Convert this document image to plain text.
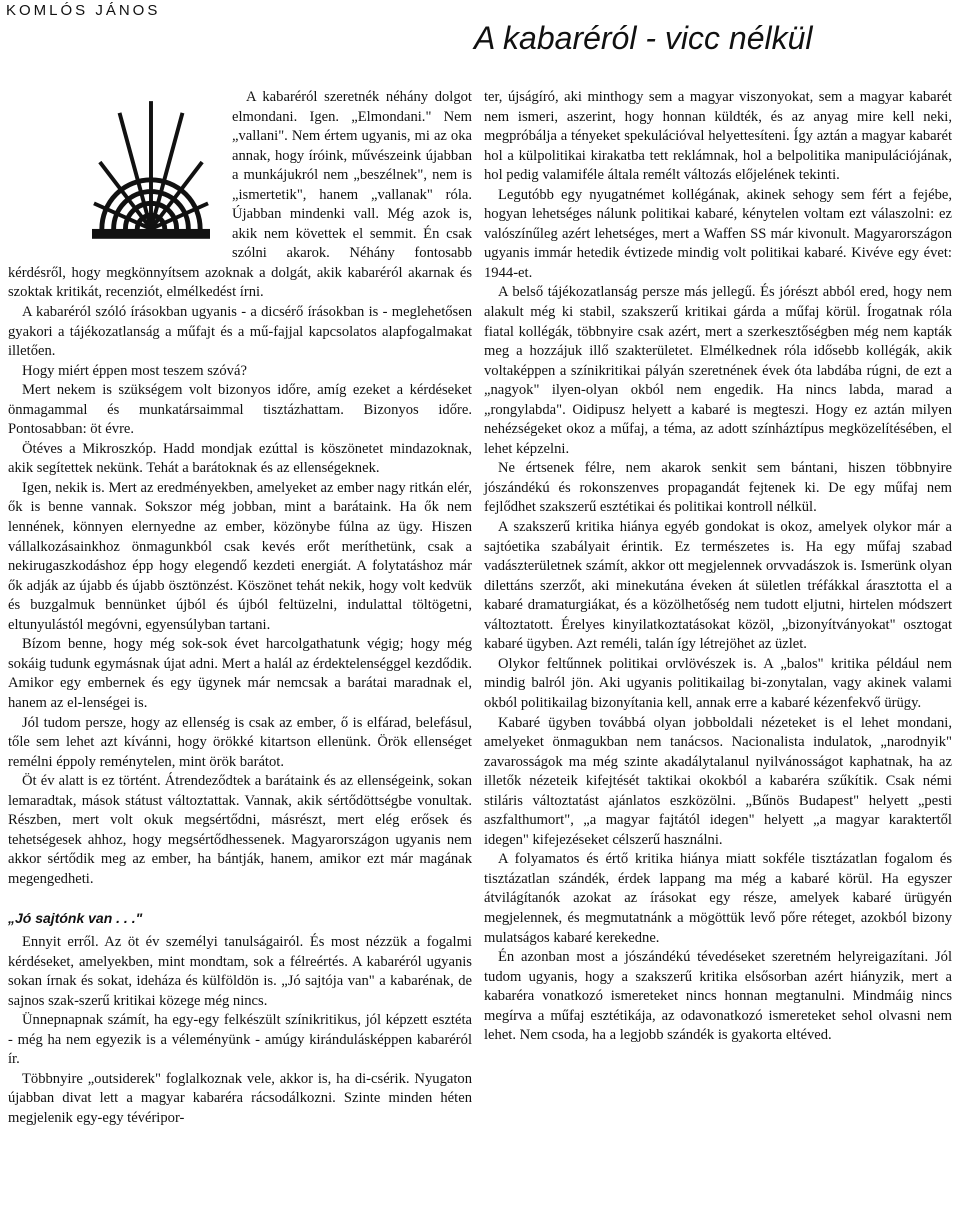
KOMLÓS JÁNOS
A kabaréról - vicc nélkül

A kabaréról szeretnék néhány dolgot elmondani. Igen. „Elmondani." Nem „vallani". Nem értem ugyanis, mi az oka annak, hogy íróink, művészeink újabban a munkájukról nem „beszélnek", nem is „ismertetik", hanem „vallanak" róla. Újabban mindenki vall. Még azok is, akik nem követtek el semmit. Én csak szólni akarok. Néhány fontosabb kérdésről, hogy megkönnyítsem azoknak a dolgát, akik kabaréról akarnak és szoktak kritikát, recenziót, elmélkedést írni.

A kabaréról szóló írásokban ugyanis - a dicsérő írásokban is - meglehetősen gyakori a tájékozatlanság a műfajt és a mű-fajjal kapcsolatos alapfogalmakat illetően.

Hogy miért éppen most teszem szóvá?

Mert nekem is szükségem volt bizonyos időre, amíg ezeket a kérdéseket önmagammal és munkatársaimmal tisztázhattam. Bizonyos időre. Pontosabban: öt évre.

Ötéves a Mikroszkóp. Hadd mondjak ezúttal is köszönetet mindazoknak, akik segítettek nekünk. Tehát a barátoknak és az ellenségeknek.

Igen, nekik is. Mert az eredményekben, amelyeket az ember nagy ritkán elér, ők is benne vannak. Sokszor még jobban, mint a barátaink. Ha ők nem lennének, könnyen elernyedne az ember, közönybe fúlna az ügy. Hiszen vállalkozásainkhoz önmagunkból csak kevés erőt meríthetünk, csak a nekirugaszkodáshoz épp hogy elegendő kezdeti energiát. A folytatáshoz már ők adják az újabb és újabb ösztönzést. Köszönet tehát nekik, hogy volt kedvük és buzgalmuk bennünket újból és újból feltüzelni, indulattal töltögetni, eltunyulástól megóvni, egyensúlyban tartani.

Bízom benne, hogy még sok-sok évet harcolgathatunk végig; hogy még sokáig tudunk egymásnak újat adni. Mert a halál az érdektelenséggel kezdődik. Amikor egy embernek és egy ügynek már nemcsak a barátai maradnak el, hanem az el-lenségei is.

Jól tudom persze, hogy az ellenség is csak az ember, ő is elfárad, belefásul, tőle sem lehet azt kívánni, hogy örökké kitartson ellenünk. Örök ellenséget remélni éppoly reménytelen, mint örök barátot.

Öt év alatt is ez történt. Átrendeződtek a barátaink és az ellenségeink, sokan lemaradtak, mások státust változtattak. Vannak, akik sértődöttségbe vonultak. Részben, mert volt okuk megsértődni, másrészt, mert elég erősek és tehetségesek ahhoz, hogy megsértődhessenek. Magyarországon ugyanis nem akkor sértődik meg az ember, ha bántják, hanem, amikor ezt már magának megengedheti.

„Jó sajtónk van . . ."

Ennyit erről. Az öt év személyi tanulságairól. És most nézzük a fogalmi kérdéseket, amelyekben, mint mondtam, sok a félreértés. A kabaréról ugyanis sokan írnak és sokat, ideháza és külföldön is. „Jó sajtója van" a kabarénak, de sajnos szak-szerű kritikai közege még nincs.

Ünnepnapnak számít, ha egy-egy felkészült színikritikus, jól képzett esztéta - még ha nem egyezik is a véleményünk - amúgy kirándulásképpen kabaréról ír.

Többnyire „outsiderek" foglalkoznak vele, akkor is, ha di-csérik. Nyugaton újabban divat lett a magyar kabaréra rácsodálkozni. Szinte minden héten megjelenik egy-egy tévéripor-

ter, újságíró, aki minthogy sem a magyar viszonyokat, sem a magyar kabarét nem ismeri, aszerint, hogy honnan küldték, és az anyag mire kell neki, megpróbálja a tényeket spekulációval helyettesíteni. Így aztán a magyar kabarét hol a külpolitikai kirakatba tett reklámnak, hol a belpolitika manipulációjának, hol pedig valamiféle általa remélt változás előjelének tekinti.

Legutóbb egy nyugatnémet kollégának, akinek sehogy sem fért a fejébe, hogyan lehetséges nálunk politikai kabaré, kénytelen voltam ezt válaszolni: ez valószínűleg azért lehetséges, mert a Waffen SS már kivonult. Magyarországon ugyanis immár hetedik évtizede mindig volt politikai kabaré. Kivéve egy évet: 1944-et.

A belső tájékozatlanság persze más jellegű. És jórészt abból ered, hogy nem alakult még ki stabil, szakszerű kritikai gárda a műfaj körül. Írogatnak róla fiatal kollégák, többnyire csak azért, mert a szerkesztőségben még nem kapták meg a hozzájuk illő szakterületet. Elmélkednek róla idősebb kollégák, akik voltaképpen a színikritikai pályán szeretnének évek óta labdába rúgni, de ezt a „nagyok" ilyen-olyan okból nem engedik. Ha nincs labda, marad a „rongylabda". Oidipusz helyett a kabaré is megteszi. Hogy ez aztán milyen nehézségeket okoz a műfaj, a téma, az adott színháztípus megközelítésében, el lehet képzelni.

Ne értsenek félre, nem akarok senkit sem bántani, hiszen többnyire jószándékú és rokonszenves propagandát fejtenek ki. De egy műfaj nem fejlődhet szakszerű esztétikai és politikai kontroll nélkül.

A szakszerű kritika hiánya egyéb gondokat is okoz, amelyek olykor már a sajtóetika szabályait érintik. Ez természetes is. Ha egy műfaj szabad vadászterületnek számít, akkor ott megjelennek orvvadászok is. Ismerünk olyan dilettáns szerzőt, aki minekutána éveken át sületlen tréfákkal árasztotta el a kabaré dramaturgiákat, és a közölhetőség nem tudott eljutni, hirtelen módszert változtatott. Érelyes kinyilatkoztatásokat közöl, „bizonyítványokat" osztogat kabaré ügyben. Azt reméli, talán így létrejöhet az üzlet.

Olykor feltűnnek politikai orvlövészek is. A „balos" kritika például nem mindig balról jön. Aki ugyanis politikailag bi-zonytalan, vagy akinek valami okból politikailag bizonyítania kell, annak erre a kabaré kézenfekvő ürügy.

Kabaré ügyben továbbá olyan jobboldali nézeteket is el lehet mondani, amelyeket önmagukban nem tanácsos. Nacionalista indulatok, „narodnyik" zavarosságok ma még szinte akadálytalanul nyilvánosságot kaphatnak, ha az illetők nézeteik kifejtését taktikai okokból a kabaréra szűkítik. Csak némi stiláris változtatást ajánlatos eszközölni. „Bűnös Budapest" helyett „pesti aszfalthumort", „a magyar fajtától idegen" helyett „a magyar karaktertől idegen" kifejezéseket célszerű használni.

A folyamatos és értő kritika hiánya miatt sokféle tisztázatlan fogalom és tisztázatlan szándék, érdek lappang ma még a kabaré körül. Ha egyszer átvilágítanók azokat az írásokat egy része, amelyek kabaré ürügyén megjelennek, és megmutatnánk a mögöttük levő pőre réteget, azokból bizony mulatságos kabaré kerekedne.

Én azonban most a jószándékú tévedéseket szeretném helyreigazítani. Jól tudom ugyanis, hogy a szakszerű kritika elsősorban azért hiányzik, mert a kabaréra vonatkozó ismereteket nincs honnan megtanulni. Mindmáig nincs megírva a műfaj esztétikája, az odavonatkozó ismereteket sehol olvasni nem lehet. Nem csoda, ha a legjobb szándék is gyakorta eltéved.
